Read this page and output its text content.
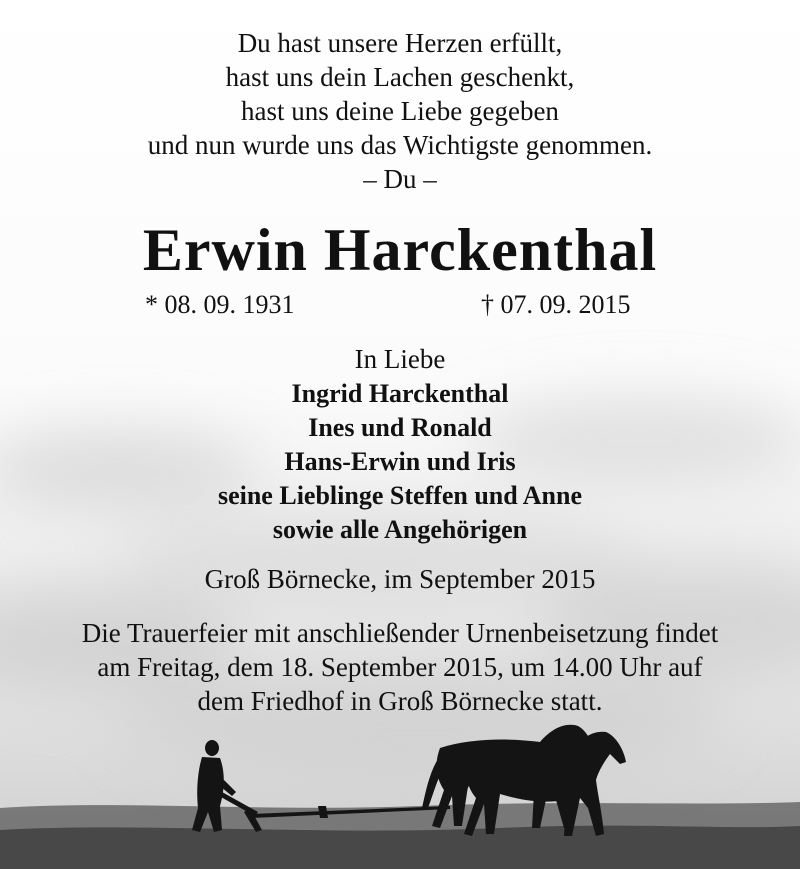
Du hast unsere Herzen erfüllt,
hast uns dein Lachen geschenkt,
hast uns deine Liebe gegeben
und nun wurde uns das Wichtigste genommen.
– Du –
Erwin Harckenthal
* 08. 09. 1931	† 07. 09. 2015
In Liebe
Ingrid Harckenthal
Ines und Ronald
Hans-Erwin und Iris
seine Lieblinge Steffen und Anne
sowie alle Angehörigen
Groß Börnecke, im September 2015
Die Trauerfeier mit anschließender Urnenbeisetzung findet
am Freitag, dem 18. September 2015, um 14.00 Uhr auf
dem Friedhof in Groß Börnecke statt.
